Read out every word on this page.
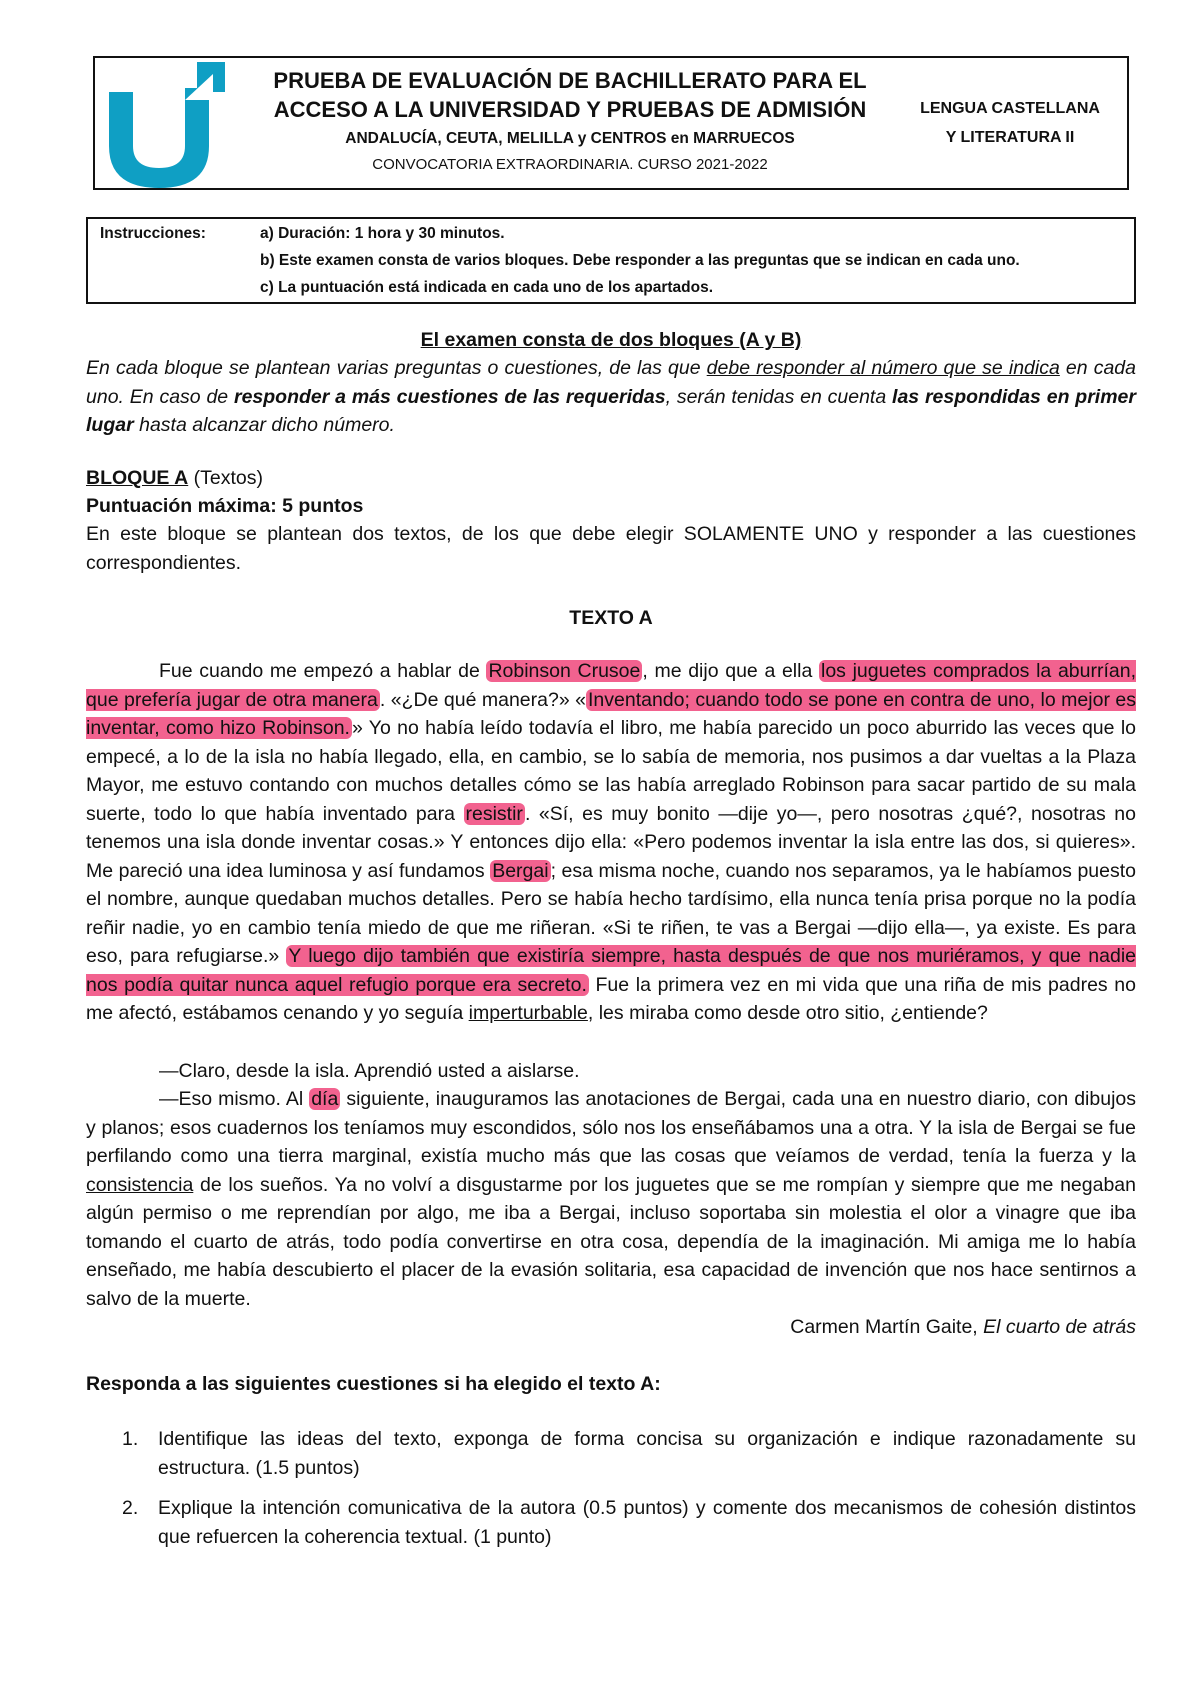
PRUEBA DE EVALUACIÓN DE BACHILLERATO PARA EL
ACCESO A LA UNIVERSIDAD Y PRUEBAS DE ADMISIÓN
ANDALUCÍA, CEUTA, MELILLA y CENTROS en MARRUECOS
CONVOCATORIA EXTRAORDINARIA. CURSO 2021-2022
LENGUA CASTELLANA
Y LITERATURA II
Instrucciones:	a) Duración: 1 hora y 30 minutos.
b) Este examen consta de varios bloques. Debe responder a las preguntas que se indican en cada uno.
c) La puntuación está indicada en cada uno de los apartados.
El examen consta de dos bloques (A y B)
En cada bloque se plantean varias preguntas o cuestiones, de las que debe responder al número que se indica en cada uno. En caso de responder a más cuestiones de las requeridas, serán tenidas en cuenta las respondidas en primer lugar hasta alcanzar dicho número.
BLOQUE A (Textos)
Puntuación máxima: 5 puntos
En este bloque se plantean dos textos, de los que debe elegir SOLAMENTE UNO y responder a las cuestiones correspondientes.
TEXTO A
Fue cuando me empezó a hablar de Robinson Crusoe , me dijo que a ella los juguetes comprados la aburrían, que prefería jugar de otra manera . «¿De qué manera?» « Inventando; cuando todo se pone en contra de uno, lo mejor es inventar, como hizo Robinson. » Yo no había leído todavía el libro, me había parecido un poco aburrido las veces que lo empecé, a lo de la isla no había llegado, ella, en cambio, se lo sabía de memoria, nos pusimos a dar vueltas a la Plaza Mayor, me estuvo contando con muchos detalles cómo se las había arreglado Robinson para sacar partido de su mala suerte, todo lo que había inventado para resistir . «Sí, es muy bonito —dije yo—, pero nosotras ¿qué?, nosotras no tenemos una isla donde inventar cosas.» Y entonces dijo ella: «Pero podemos inventar la isla entre las dos, si quieres». Me pareció una idea luminosa y así fundamos Bergai ; esa misma noche, cuando nos separamos, ya le habíamos puesto el nombre, aunque quedaban muchos detalles. Pero se había hecho tardísimo, ella nunca tenía prisa porque no la podía reñir nadie, yo en cambio tenía miedo de que me riñeran. «Si te riñen, te vas a Bergai —dijo ella—, ya existe. Es para eso, para refugiarse.» Y luego dijo también que existiría siempre, hasta después de que nos muriéramos, y que nadie nos podía quitar nunca aquel refugio porque era secreto. Fue la primera vez en mi vida que una riña de mis padres no me afectó, estábamos cenando y yo seguía imperturbable, les miraba como desde otro sitio, ¿entiende?
—Claro, desde la isla. Aprendió usted a aislarse.
—Eso mismo. Al día siguiente, inauguramos las anotaciones de Bergai, cada una en nuestro diario, con dibujos y planos; esos cuadernos los teníamos muy escondidos, sólo nos los enseñábamos una a otra. Y la isla de Bergai se fue perfilando como una tierra marginal, existía mucho más que las cosas que veíamos de verdad, tenía la fuerza y la consistencia de los sueños. Ya no volví a disgustarme por los juguetes que se me rompían y siempre que me negaban algún permiso o me reprendían por algo, me iba a Bergai, incluso soportaba sin molestia el olor a vinagre que iba tomando el cuarto de atrás, todo podía convertirse en otra cosa, dependía de la imaginación. Mi amiga me lo había enseñado, me había descubierto el placer de la evasión solitaria, esa capacidad de invención que nos hace sentirnos a salvo de la muerte.
Carmen Martín Gaite, El cuarto de atrás
Responda a las siguientes cuestiones si ha elegido el texto A:
1. Identifique las ideas del texto, exponga de forma concisa su organización e indique razonadamente su estructura. (1.5 puntos)
2. Explique la intención comunicativa de la autora (0.5 puntos) y comente dos mecanismos de cohesión distintos que refuercen la coherencia textual. (1 punto)
